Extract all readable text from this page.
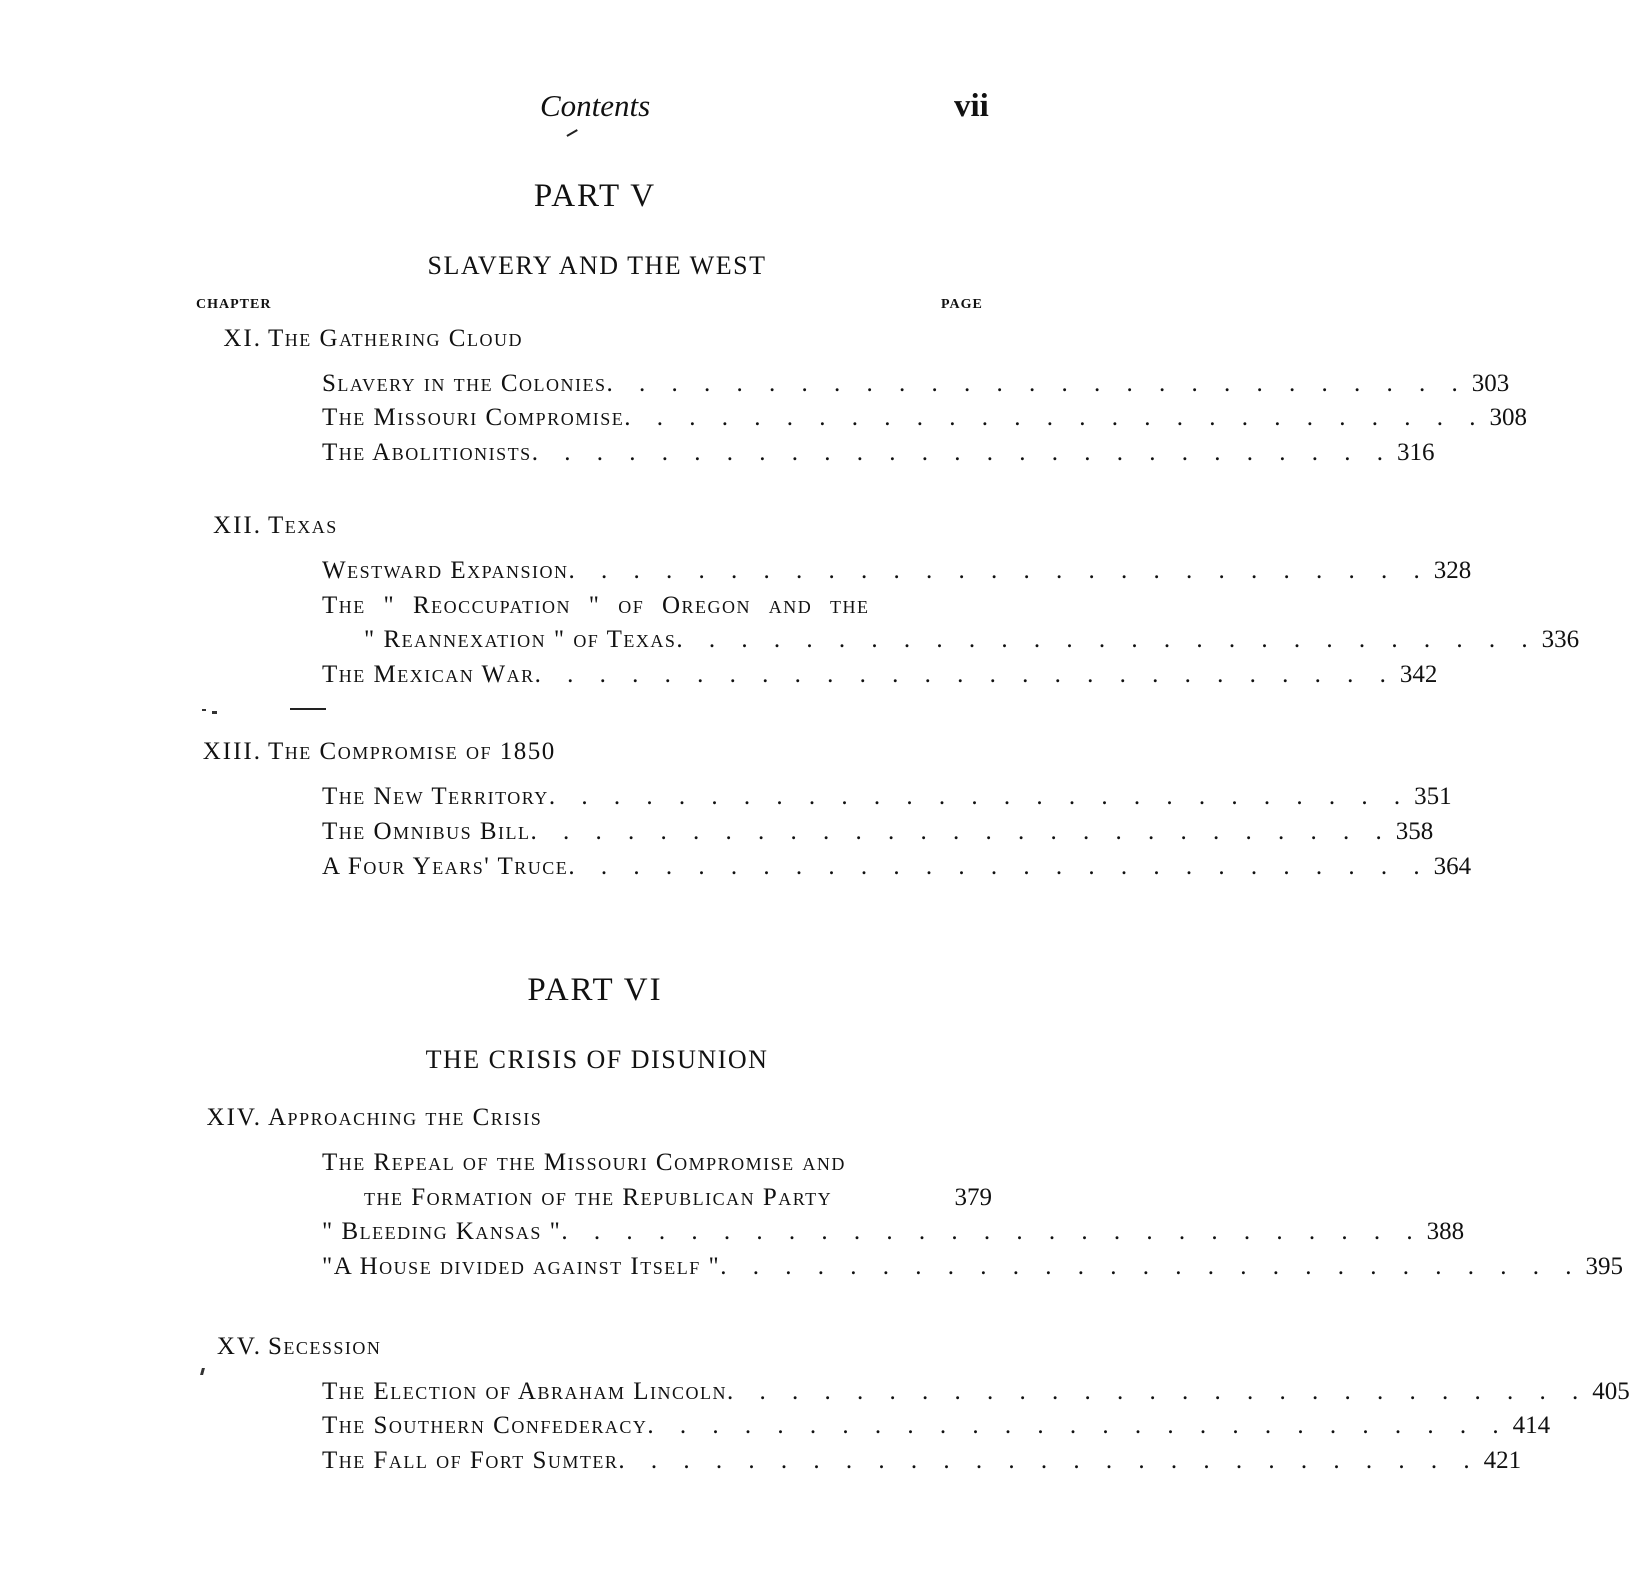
Contents	vii
PART V
SLAVERY AND THE WEST
CHAPTER	PAGE
XI. The Gathering Cloud
Slavery in the Colonies . . . . . . . . . . . . . . . . . . . . . . . . . . . 303
The Missouri Compromise . . . . . . . . . . . . . . . . . . . . . . . . . . . 308
The Abolitionists . . . . . . . . . . . . . . . . . . . . . . . . . . . 316
XII. Texas
Westward Expansion . . . . . . . . . . . . . . . . . . . . . . . . . . . 328
The " Reoccupation " of Oregon and the
" Reannexation " of Texas . . . . . . . . . . . . . . . . . . . . . . . . . . . 336
The Mexican War . . . . . . . . . . . . . . . . . . . . . . . . . . . 342
XIII. The Compromise of 1850
The New Territory . . . . . . . . . . . . . . . . . . . . . . . . . . . 351
The Omnibus Bill . . . . . . . . . . . . . . . . . . . . . . . . . . . 358
A Four Years' Truce . . . . . . . . . . . . . . . . . . . . . . . . . . . 364
PART VI
THE CRISIS OF DISUNION
XIV. Approaching the Crisis
The Repeal of the Missouri Compromise and
the Formation of the Republican Party	379
" Bleeding Kansas " . . . . . . . . . . . . . . . . . . . . . . . . . . . 388
"A House divided against Itself " . . . . . . . . . . . . . . . . . . . . . . . . . . . 395
XV. Secession
The Election of Abraham Lincoln . . . . . . . . . . . . . . . . . . . . . . . . . . . 405
The Southern Confederacy . . . . . . . . . . . . . . . . . . . . . . . . . . . 414
The Fall of Fort Sumter . . . . . . . . . . . . . . . . . . . . . . . . . . . 421
